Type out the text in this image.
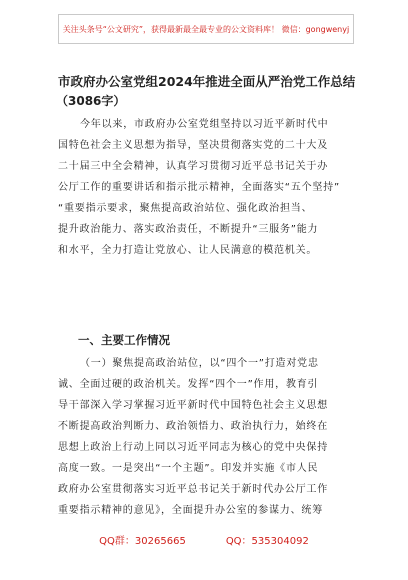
关注头条号“公文研究”，获得最新最全最专业的公文资料库！ 微信：gongwenyj
市政府办公室党组2024年推进全面从严治党工作总结
（3086字）
今年以来，市政府办公室党组坚持以习近平新时代中
国特色社会主义思想为指导，坚决贯彻落实党的二十大及
二十届三中全会精神，认真学习贯彻习近平总书记关于办
公厅工作的重要讲话和指示批示精神，全面落实“五个坚持”
“重要指示要求，聚焦提高政治站位、强化政治担当、
提升政治能力、落实政治责任，不断提升“三服务”能力
和水平，全力打造让党放心、让人民满意的模范机关。
一、主要工作情况
（一）聚焦提高政治站位，以“四个一”打造对党忠
诚、全面过硬的政治机关。发挥“四个一”作用，教育引
导干部深入学习掌握习近平新时代中国特色社会主义思想
不断提高政治判断力、政治领悟力、政治执行力，始终在
思想上政治上行动上同以习近平同志为核心的党中央保持
高度一致。一是突出“一个主题”。印发并实施《市人民
政府办公室贯彻落实习近平总书记关于新时代办公厅工作
重要指示精神的意见》，全面提升办公室的参谋力、统筹
QQ群：30265665	QQ：535304092
